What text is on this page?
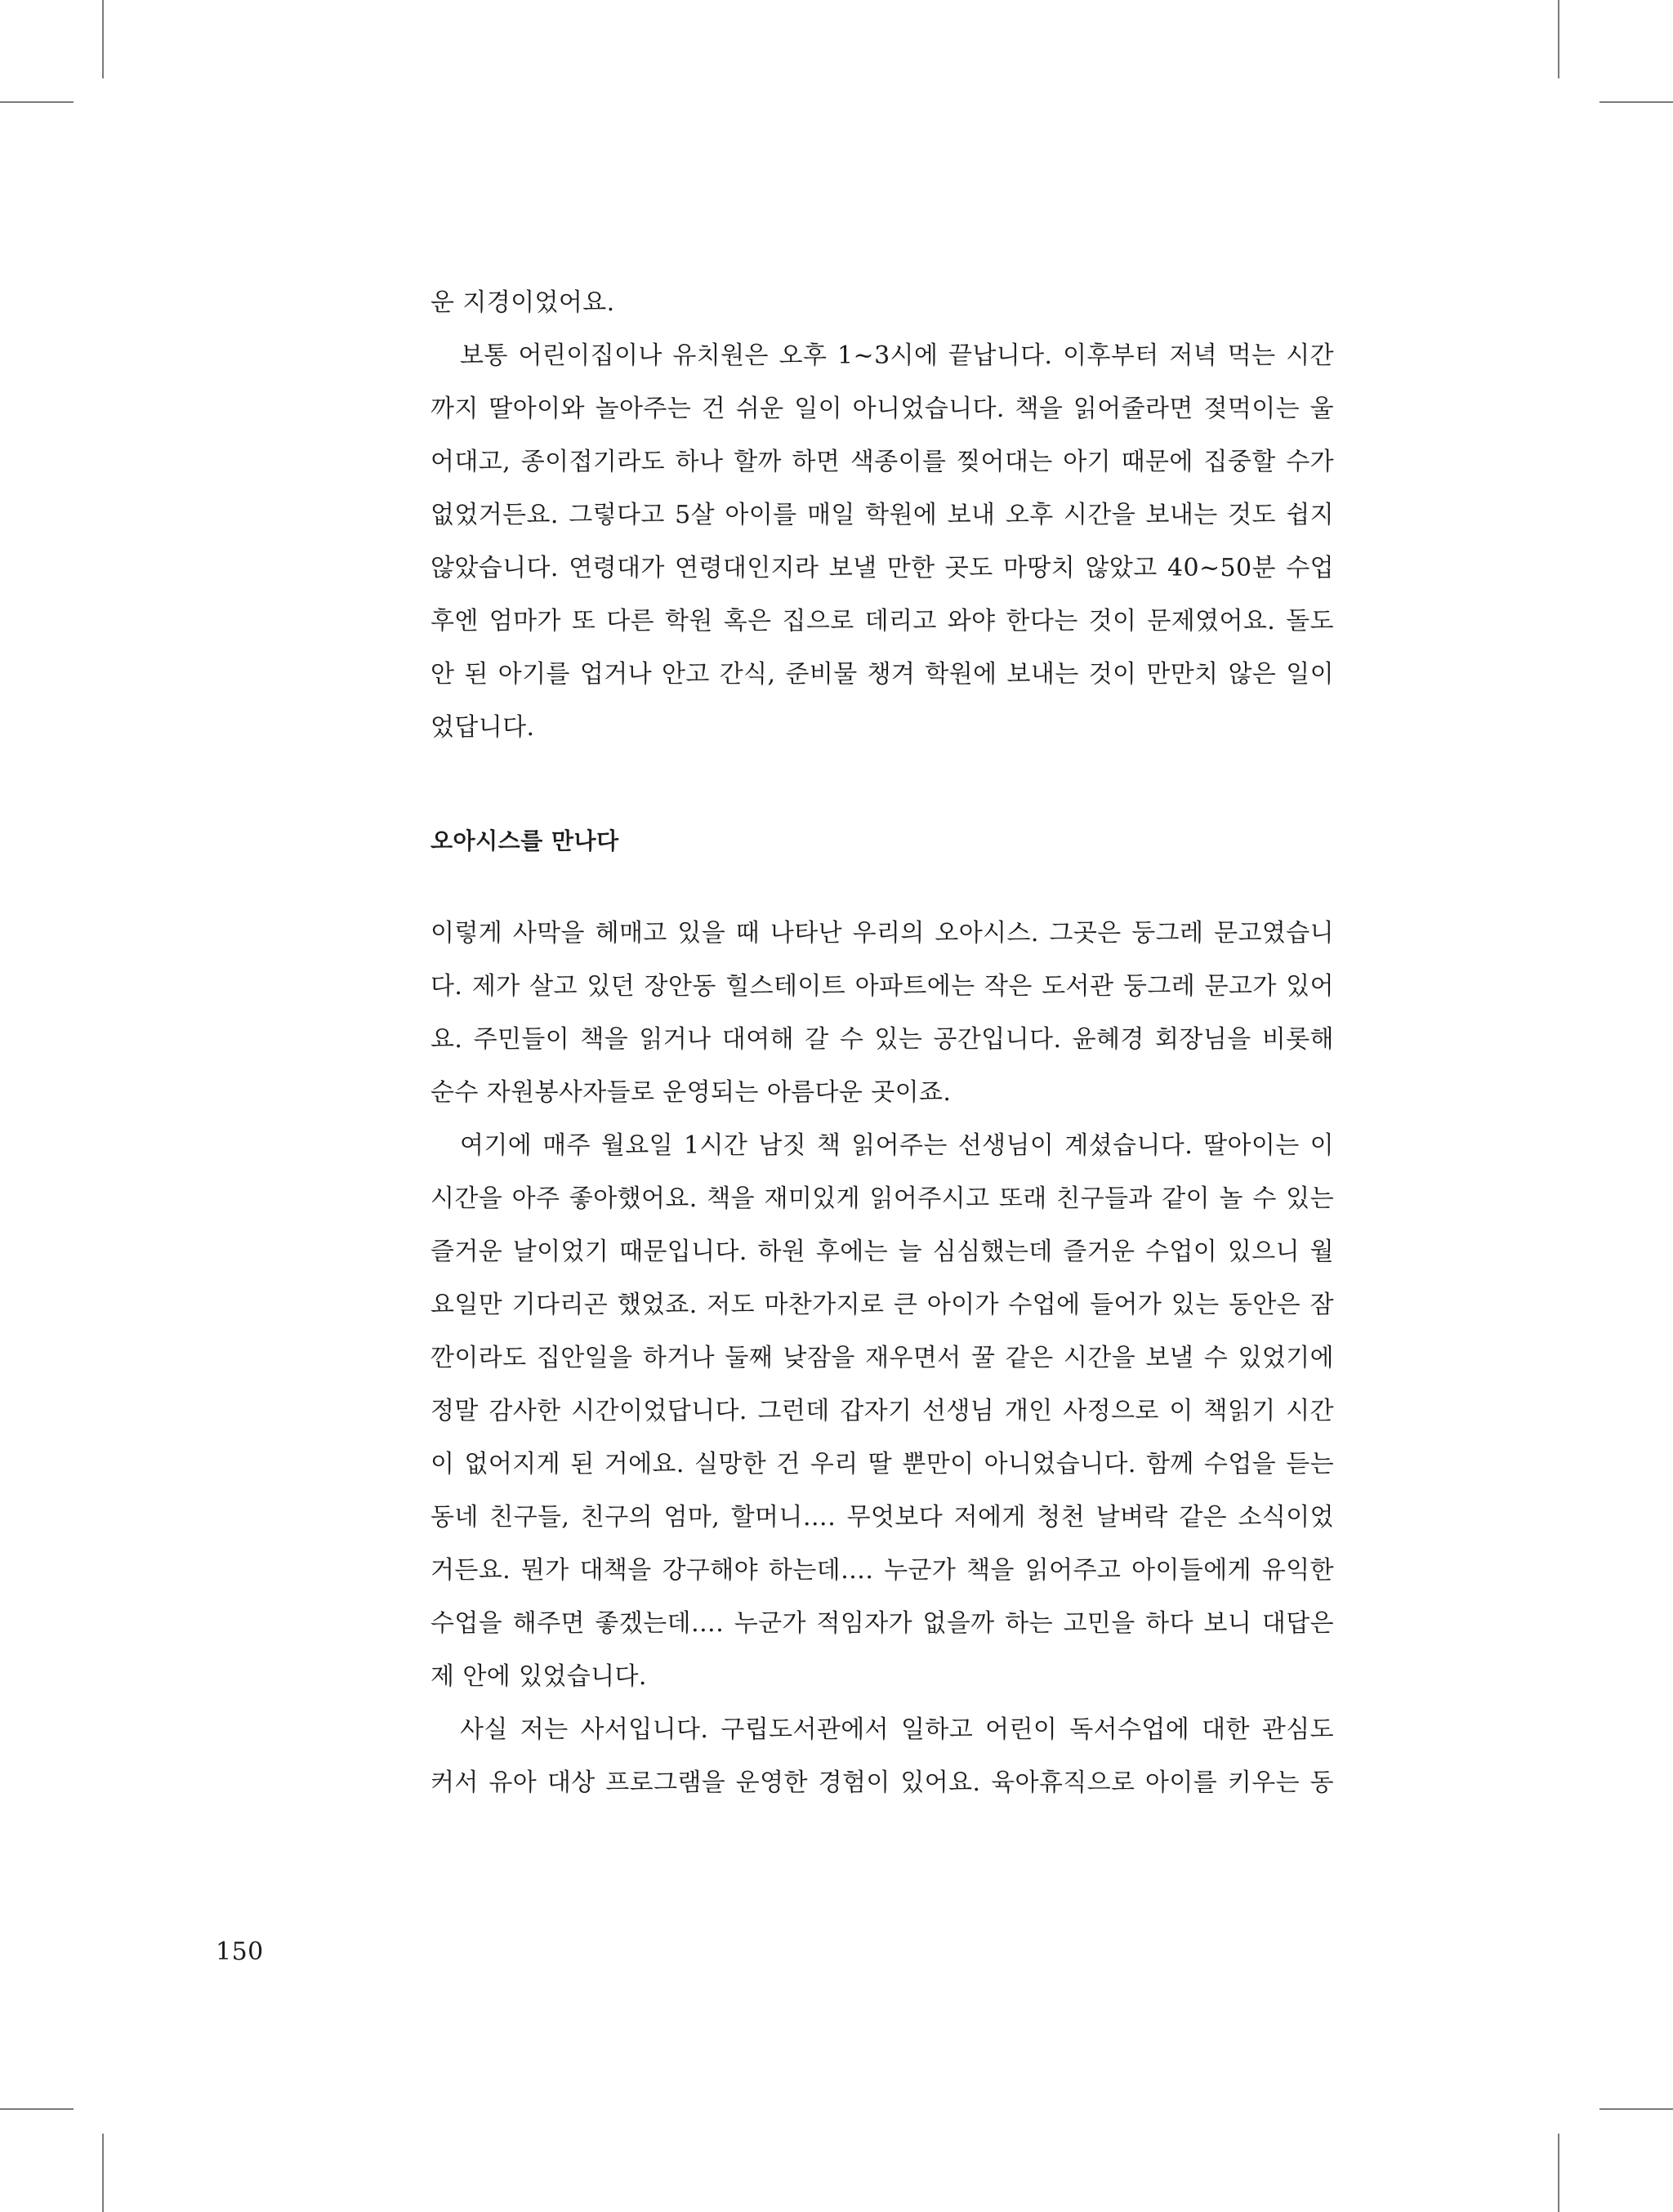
운 지경이었어요.
보통 어린이집이나 유치원은 오후 1~3시에 끝납니다. 이후부터 저녁 먹는 시간
까지 딸아이와 놀아주는 건 쉬운 일이 아니었습니다. 책을 읽어줄라면 젖먹이는 울
어대고, 종이접기라도 하나 할까 하면 색종이를 찢어대는 아기 때문에 집중할 수가
없었거든요. 그렇다고 5살 아이를 매일 학원에 보내 오후 시간을 보내는 것도 쉽지
않았습니다. 연령대가 연령대인지라 보낼 만한 곳도 마땅치 않았고 40~50분 수업
후엔 엄마가 또 다른 학원 혹은 집으로 데리고 와야 한다는 것이 문제였어요. 돌도
안 된 아기를 업거나 안고 간식, 준비물 챙겨 학원에 보내는 것이 만만치 않은 일이
었답니다.
오아시스를 만나다
이렇게 사막을 헤매고 있을 때 나타난 우리의 오아시스. 그곳은 둥그레 문고였습니
다. 제가 살고 있던 장안동 힐스테이트 아파트에는 작은 도서관 둥그레 문고가 있어
요. 주민들이 책을 읽거나 대여해 갈 수 있는 공간입니다. 윤혜경 회장님을 비롯해
순수 자원봉사자들로 운영되는 아름다운 곳이죠.
여기에 매주 월요일 1시간 남짓 책 읽어주는 선생님이 계셨습니다. 딸아이는 이
시간을 아주 좋아했어요. 책을 재미있게 읽어주시고 또래 친구들과 같이 놀 수 있는
즐거운 날이었기 때문입니다. 하원 후에는 늘 심심했는데 즐거운 수업이 있으니 월
요일만 기다리곤 했었죠. 저도 마찬가지로 큰 아이가 수업에 들어가 있는 동안은 잠
깐이라도 집안일을 하거나 둘째 낮잠을 재우면서 꿀 같은 시간을 보낼 수 있었기에
정말 감사한 시간이었답니다. 그런데 갑자기 선생님 개인 사정으로 이 책읽기 시간
이 없어지게 된 거에요. 실망한 건 우리 딸 뿐만이 아니었습니다. 함께 수업을 듣는
동네 친구들, 친구의 엄마, 할머니…. 무엇보다 저에게 청천 날벼락 같은 소식이었
거든요. 뭔가 대책을 강구해야 하는데…. 누군가 책을 읽어주고 아이들에게 유익한
수업을 해주면 좋겠는데…. 누군가 적임자가 없을까 하는 고민을 하다 보니 대답은
제 안에 있었습니다.
사실 저는 사서입니다. 구립도서관에서 일하고 어린이 독서수업에 대한 관심도
커서 유아 대상 프로그램을 운영한 경험이 있어요. 육아휴직으로 아이를 키우는 동
150
